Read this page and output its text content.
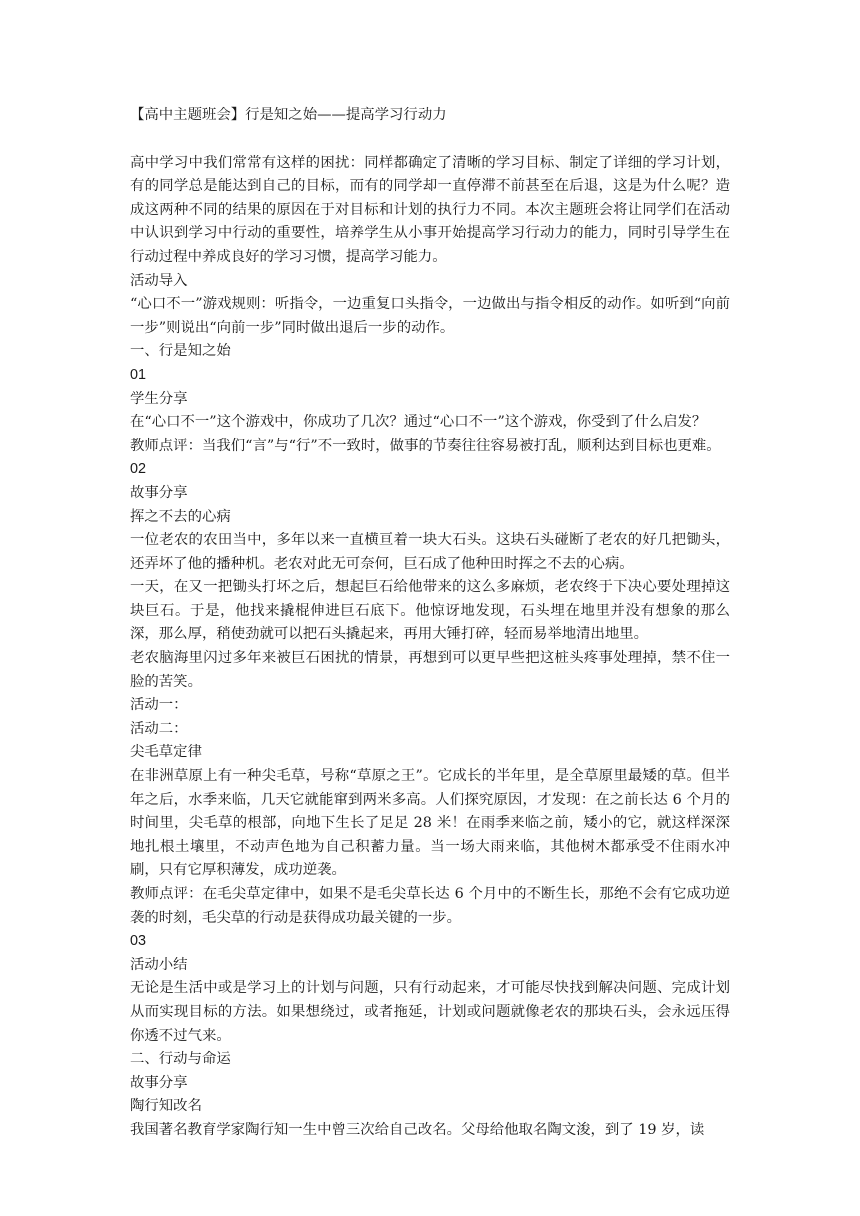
【高中主题班会】行是知之始——提高学习行动力
高中学习中我们常常有这样的困扰：同样都确定了清晰的学习目标、制定了详细的学习计划，有的同学总是能达到自己的目标，而有的同学却一直停滞不前甚至在后退，这是为什么呢？造成这两种不同的结果的原因在于对目标和计划的执行力不同。本次主题班会将让同学们在活动中认识到学习中行动的重要性，培养学生从小事开始提高学习行动力的能力，同时引导学生在行动过程中养成良好的学习习惯，提高学习能力。
活动导入
“心口不一”游戏规则：听指令，一边重复口头指令，一边做出与指令相反的动作。如听到“向前一步”则说出“向前一步”同时做出退后一步的动作。
一、行是知之始
01
学生分享
在“心口不一”这个游戏中，你成功了几次？通过“心口不一”这个游戏，你受到了什么启发？
教师点评：当我们“言”与“行”不一致时，做事的节奏往往容易被打乱，顺利达到目标也更难。
02
故事分享
挥之不去的心病
一位老农的农田当中，多年以来一直横亘着一块大石头。这块石头碰断了老农的好几把锄头，还弄坏了他的播种机。老农对此无可奈何，巨石成了他种田时挥之不去的心病。
一天，在又一把锄头打坏之后，想起巨石给他带来的这么多麻烦，老农终于下决心要处理掉这块巨石。于是，他找来撬棍伸进巨石底下。他惊讶地发现，石头埋在地里并没有想象的那么深，那么厚，稍使劲就可以把石头撬起来，再用大锤打碎，轻而易举地清出地里。
老农脑海里闪过多年来被巨石困扰的情景，再想到可以更早些把这桩头疼事处理掉，禁不住一脸的苦笑。
活动一：
活动二：
尖毛草定律
在非洲草原上有一种尖毛草，号称“草原之王”。它成长的半年里，是全草原里最矮的草。但半年之后，水季来临，几天它就能窜到两米多高。人们探究原因，才发现：在之前长达 6 个月的时间里，尖毛草的根部，向地下生长了足足 28 米！在雨季来临之前，矮小的它，就这样深深地扎根土壤里，不动声色地为自己积蓄力量。当一场大雨来临，其他树木都承受不住雨水冲刷，只有它厚积薄发，成功逆袭。
教师点评：在毛尖草定律中，如果不是毛尖草长达 6 个月中的不断生长，那绝不会有它成功逆袭的时刻，毛尖草的行动是获得成功最关键的一步。
03
活动小结
无论是生活中或是学习上的计划与问题，只有行动起来，才可能尽快找到解决问题、完成计划从而实现目标的方法。如果想绕过，或者拖延，计划或问题就像老农的那块石头，会永远压得你透不过气来。
二、行动与命运
故事分享
陶行知改名
我国著名教育学家陶行知一生中曾三次给自己改名。父母给他取名陶文浚，到了 19 岁，读
